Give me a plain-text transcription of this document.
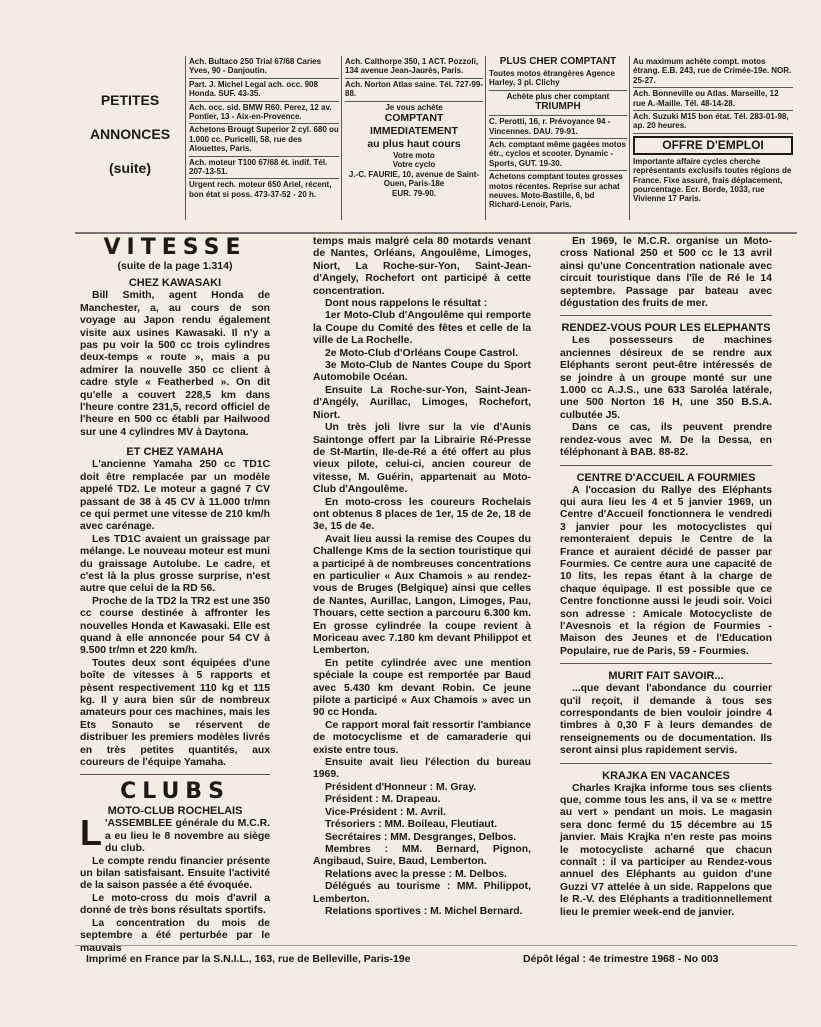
PETITES
ANNONCES
(suite)
Ach. Bultaco 250 Trial 67/68 Caries Yves, 90 - Danjoutin.
Part. J. Michel Legal ach. occ. 908 Honda. SUF. 43-35.
Ach. occ. sid. BMW R60. Perez, 12 av. Pontier, 13 - Aix-en-Provence.
Achetons Brougt Superior 2 cyl. 680 ou 1.000 cc. Puricelli, 58, rue des Alouettes, Paris.
Ach. moteur T100 67/68 ét. indif. Tél. 207-13-51.
Urgent rech. moteur 650 Ariel, récent, bon état si poss. 473-37-52 - 20 h.
Ach. Calthorpe 350, 1 ACT. Pozzoli, 134 avenue Jean-Jaurès, Paris.
Ach. Norton Atlas saine. Tél. 727-99-88.
Je vous achète
COMPTANT
IMMEDIATEMENT
au plus haut cours
Votre moto
Votre cyclo
J.-C. FAURIE, 10, avenue de Saint-Ouen, Paris-18e
EUR. 79-90.
PLUS CHER COMPTANT
Toutes motos étrangères Agence Harley, 3 pl. Clichy
Achète plus cher comptant
TRIUMPH
C. Perotti, 16, r. Prévoyance 94 -Vincennes. DAU. 79-91.
Ach. comptant même gagées motos étr., cyclos et scooter. Dynamic - Sports, GUT. 19-30.
Achetons comptant toutes grosses motos récentes. Reprise sur achat neuves. Moto-Bastille, 6, bd Richard-Lenoir, Paris.
Au maximum achète compt. motos étrang. E.B. 243, rue de Crimée-19e. NOR. 25-27.
Ach. Bonneville ou Atlas. Marseille, 12 rue A.-Maille. Tél. 48-14-28.
Ach. Suzuki M15 bon état. Tél. 283-01-98, ap. 20 heures.
OFFRE D'EMPLOI
Importante affaire cycles cherche représentants exclusifs toutes régions de France. Fixe assuré, frais déplacement, pourcentage. Ecr. Borde, 1033, rue Vivienne 17 Paris.
VITESSE
(suite de la page 1.314)
CHEZ KAWASAKI

Bill Smith, agent Honda de Manchester, a, au cours de son voyage au Japon rendu également visite aux usines Kawasaki. Il n'y a pas pu voir la 500 cc trois cylindres deux-temps « route », mais a pu admirer la nouvelle 350 cc client à cadre style « Featherbed ». On dit qu'elle a couvert 228,5 km dans l'heure contre 231,5, record officiel de l'heure en 500 cc établi par Hailwood sur une 4 cylindres MV à Daytona.

ET CHEZ YAMAHA

L'ancienne Yamaha 250 cc TD1C doit être remplacée par un modèle appelé TD2. Le moteur a gagné 7 CV passant de 38 à 45 CV à 11.000 tr/mn ce qui permet une vitesse de 210 km/h avec carénage.

Les TD1C avaient un graissage par mélange. Le nouveau moteur est muni du graissage Autolube. Le cadre, et c'est là la plus grosse surprise, n'est autre que celui de la RD 56.

Proche de la TD2 la TR2 est une 350 cc course destinée à affronter les nouvelles Honda et Kawasaki. Elle est quand à elle annoncée pour 54 CV à 9.500 tr/mn et 220 km/h.

Toutes deux sont équipées d'une boîte de vitesses à 5 rapports et pèsent respectivement 110 kg et 115 kg. Il y aura bien sûr de nombreux amateurs pour ces machines, mais les Ets Sonauto se réservent de distribuer les premiers modèles livrés en très petites quantités, aux coureurs de l'équipe Yamaha.

CLUBS
MOTO-CLUB ROCHELAIS

L 'ASSEMBLEE générale du M.C.R. a eu lieu le 8 novembre au siège du club.

Le compte rendu financier présente un bilan satisfaisant. Ensuite l'activité de la saison passée a été évoquée.

Le moto-cross du mois d'avril a donné de très bons résultats sportifs.

La concentration du mois de septembre a été perturbée par le mauvais

temps mais malgré cela 80 motards venant de Nantes, Orléans, Angoulême, Limoges, Niort, La Roche-sur-Yon, Saint-Jean-d'Angely, Rochefort ont participé à cette concentration.

Dont nous rappelons le résultat :

1er Moto-Club d'Angoulême qui remporte la Coupe du Comité des fêtes et celle de la ville de La Rochelle.

2e Moto-Club d'Orléans Coupe Castrol.

3e Moto-Club de Nantes Coupe du Sport Automobile Océan.

Ensuite La Roche-sur-Yon, Saint-Jean-d'Angély, Aurillac, Limoges, Rochefort, Niort.

Un très joli livre sur la vie d'Aunis Saintonge offert par la Librairie Ré-Presse de St-Martin, Ile-de-Ré a été offert au plus vieux pilote, celui-ci, ancien coureur de vitesse, M. Guérin, appartenait au Moto-Club d'Angoulême.

En moto-cross les coureurs Rochelais ont obtenus 8 places de 1er, 15 de 2e, 18 de 3e, 15 de 4e.

Avait lieu aussi la remise des Coupes du Challenge Kms de la section touristique qui a participé à de nombreuses concentrations en particulier « Aux Chamois » au rendez-vous de Bruges (Belgique) ainsi que celles de Nantes, Aurillac, Langon, Limoges, Pau, Thouars, cette section a parcouru 6.300 km. En grosse cylindrée la coupe revient à Moriceau avec 7.180 km devant Philippot et Lemberton.

En petite cylindrée avec une mention spéciale la coupe est remportée par Baud avec 5.430 km devant Robin. Ce jeune pilote a participé « Aux Chamois » avec un 90 cc Honda.

Ce rapport moral fait ressortir l'ambiance de motocyclisme et de camaraderie qui existe entre tous.

Ensuite avait lieu l'élection du bureau 1969.

Président d'Honneur : M. Gray.

Président : M. Drapeau.

Vice-Président : M. Avril.

Trésoriers : MM. Boileau, Fleutiaut.

Secrétaires : MM. Desgranges, Delbos.

Membres : MM. Bernard, Pignon, Angibaud, Suire, Baud, Lemberton.

Relations avec la presse : M. Delbos.

Délégués au tourisme : MM. Philippot, Lemberton.

Relations sportives : M. Michel Bernard.

En 1969, le M.C.R. organise un Moto-cross National 250 et 500 cc le 13 avril ainsi qu'une Concentration nationale avec circuit touristique dans l'île de Ré le 14 septembre. Passage par bateau avec dégustation des fruits de mer.

RENDEZ-VOUS POUR LES ELEPHANTS

Les possesseurs de machines anciennes désireux de se rendre aux Eléphants seront peut-être intéressés de se joindre à un groupe monté sur une 1.000 cc A.J.S., une 633 Saroléa latérale, une 500 Norton 16 H, une 350 B.S.A. culbutée J5.

Dans ce cas, ils peuvent prendre rendez-vous avec M. De la Dessa, en téléphonant à BAB. 88-82.

CENTRE D'ACCUEIL A FOURMIES

A l'occasion du Rallye des Eléphants qui aura lieu les 4 et 5 janvier 1969, un Centre d'Accueil fonctionnera le vendredi 3 janvier pour les motocyclistes qui remonteraient depuis le Centre de la France et auraient décidé de passer par Fourmies. Ce centre aura une capacité de 10 lits, les repas étant à la charge de chaque équipage. Il est possible que ce Centre fonctionne aussi le jeudi soir. Voici son adresse : Amicale Motocycliste de l'Avesnois et la région de Fourmies - Maison des Jeunes et de l'Education Populaire, rue de Paris, 59 - Fourmies.

MURIT FAIT SAVOIR...

...que devant l'abondance du courrier qu'il reçoit, il demande à tous ses correspondants de bien vouloir joindre 4 timbres à 0,30 F à leurs demandes de renseignements ou de documentation. Ils seront ainsi plus rapidement servis.

KRAJKA EN VACANCES

Charles Krajka informe tous ses clients que, comme tous les ans, il va se « mettre au vert » pendant un mois. Le magasin sera donc fermé du 15 décembre au 15 janvier. Mais Krajka n'en reste pas moins le motocycliste acharné que chacun connaît : il va participer au Rendez-vous annuel des Eléphants au guidon d'une Guzzi V7 attelée à un side. Rappelons que le R.-V. des Eléphants a traditionnellement lieu le premier week-end de janvier.

Imprimé en France par la S.N.I.L., 163, rue de Belleville, Paris-19e	Dépôt légal : 4e trimestre 1968 - No 003
